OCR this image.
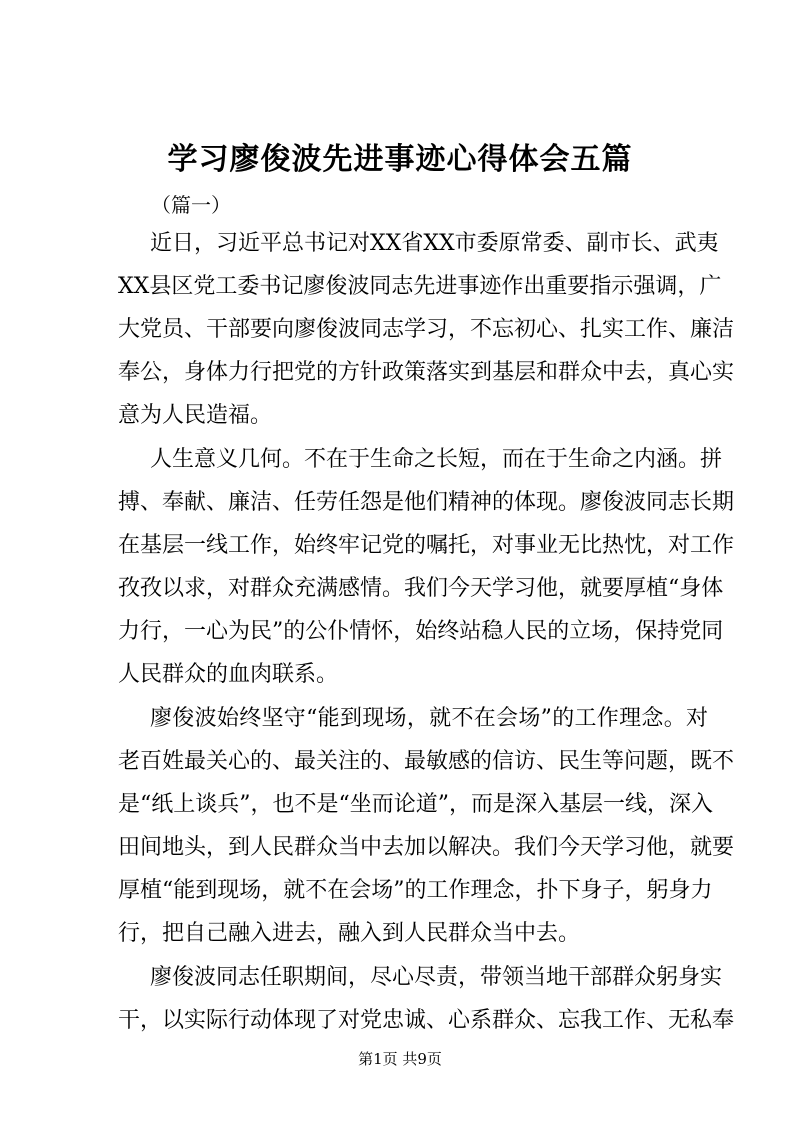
学习廖俊波先进事迹心得体会五篇
（篇一）
近日，习近平总书记对XX省XX市委原常委、副市长、武夷
XX县区党工委书记廖俊波同志先进事迹作出重要指示强调，广
大党员、干部要向廖俊波同志学习，不忘初心、扎实工作、廉洁
奉公，身体力行把党的方针政策落实到基层和群众中去，真心实
意为人民造福。
人生意义几何。不在于生命之长短，而在于生命之内涵。拼
搏、奉献、廉洁、任劳任怨是他们精神的体现。廖俊波同志长期
在基层一线工作，始终牢记党的嘱托，对事业无比热忱，对工作
孜孜以求，对群众充满感情。我们今天学习他，就要厚植“身体
力行，一心为民”的公仆情怀，始终站稳人民的立场，保持党同
人民群众的血肉联系。
廖俊波始终坚守“能到现场，就不在会场”的工作理念。对
老百姓最关心的、最关注的、最敏感的信访、民生等问题，既不
是“纸上谈兵”，也不是“坐而论道”，而是深入基层一线，深入
田间地头，到人民群众当中去加以解决。我们今天学习他，就要
厚植“能到现场，就不在会场”的工作理念，扑下身子，躬身力
行，把自己融入进去，融入到人民群众当中去。
廖俊波同志任职期间，尽心尽责，带领当地干部群众躬身实
干，以实际行动体现了对党忠诚、心系群众、忘我工作、无私奉
第1页 共9页
